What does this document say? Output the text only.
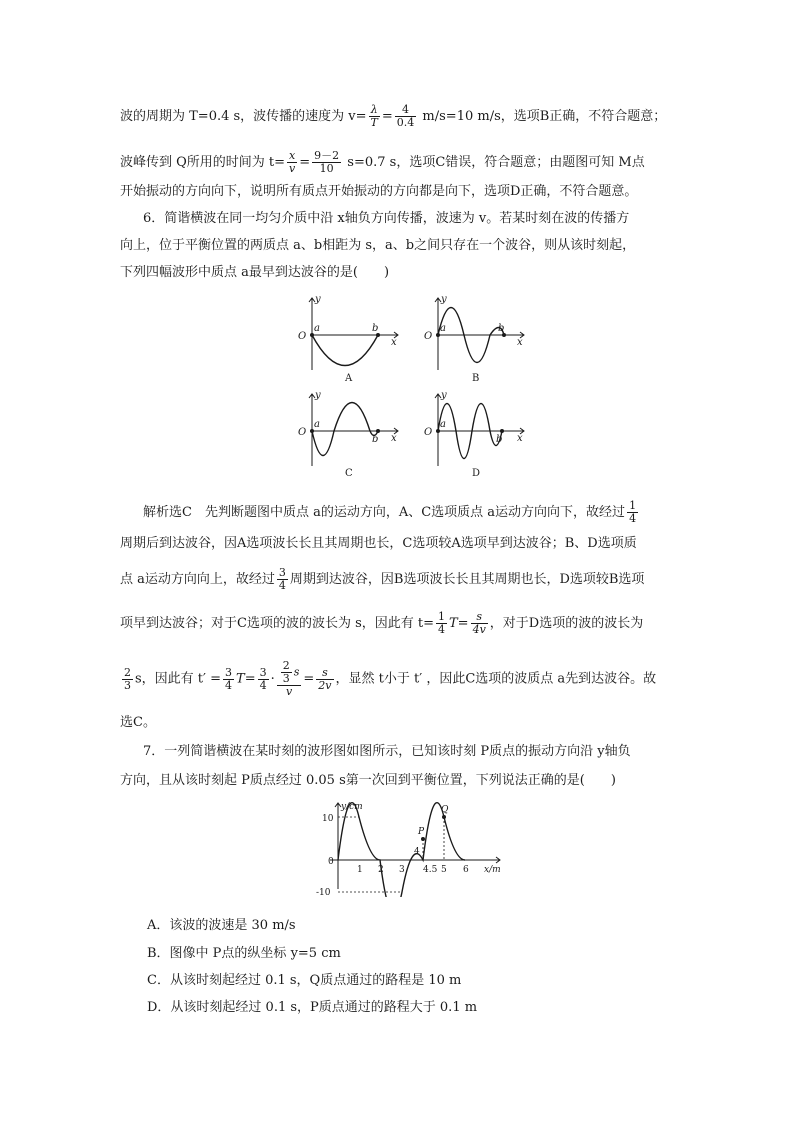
波的周期为 T=0.4 s，波传播的速度为 $v= \frac{\lambda}{T} = \frac{4}{0.4} m/s=10$ m/s，选项B正确，不符合题意；
波峰传到 Q所用的时间为 $t= \frac{x}{v} = \frac{9-2}{10} s=0.7$ s，选项C错误，符合题意；由题图可知 M点
开始振动的方向向下，说明所有质点开始振动的方向都是向下，选项D正确，不符合题意。
6．简谐横波在同一均匀介质中沿 x轴负方向传播，波速为 v。若某时刻在波的传播方
向上，位于平衡位置的两质点 a、b相距为 s，a、b之间只存在一个波谷，则从该时刻起，
下列四幅波形中质点 a最早到达波谷的是(　　)
y
O
a	b
x
A
y
O
a	b
x
B
y
O
a
b x
C
y
O
a
b x
D
解析选C　先判断题图中质点 a的运动方向，A、C选项质点 a运动方向向下，故经过 $\frac{1}{4}$
周期后到达波谷，因A选项波长长且其周期也长，C选项较A选项早到达波谷；B、D选项质
点 a运动方向向上，故经过 $\frac{3}{4}$ 周期到达波谷，因B选项波长长且其周期也长，D选项较B选项
项早到达波谷；对于C选项的波的波长为 s，因此有 $t= \frac{1}{4} T= \frac{s}{4v}$ ，对于D选项的波的波长为
$\frac{2}{3}$ s，因此有 $t' = \frac{3}{4} T= \frac{3}{4} \cdot \frac{\frac{2}{3} s}{v} = \frac{s}{2v}$ ，显然 t小于 t′ ，因此C选项的波质点 a先到达波谷。故
选C。
7．一列简谐横波在某时刻的波形图如图所示，已知该时刻 P质点的振动方向沿 y轴负
方向，且从该时刻起 P质点经过 0.05 s第一次回到平衡位置，下列说法正确的是(　　)
y/cm
10
0
-10
1 2 3 4.5 5 6
4
P
Q
x/m
A．该波的波速是 30 m/s
B．图像中 P点的纵坐标 y=5 cm
C．从该时刻起经过 0.1 s，Q质点通过的路程是 10 m
D．从该时刻起经过 0.1 s，P质点通过的路程大于 0.1 m
